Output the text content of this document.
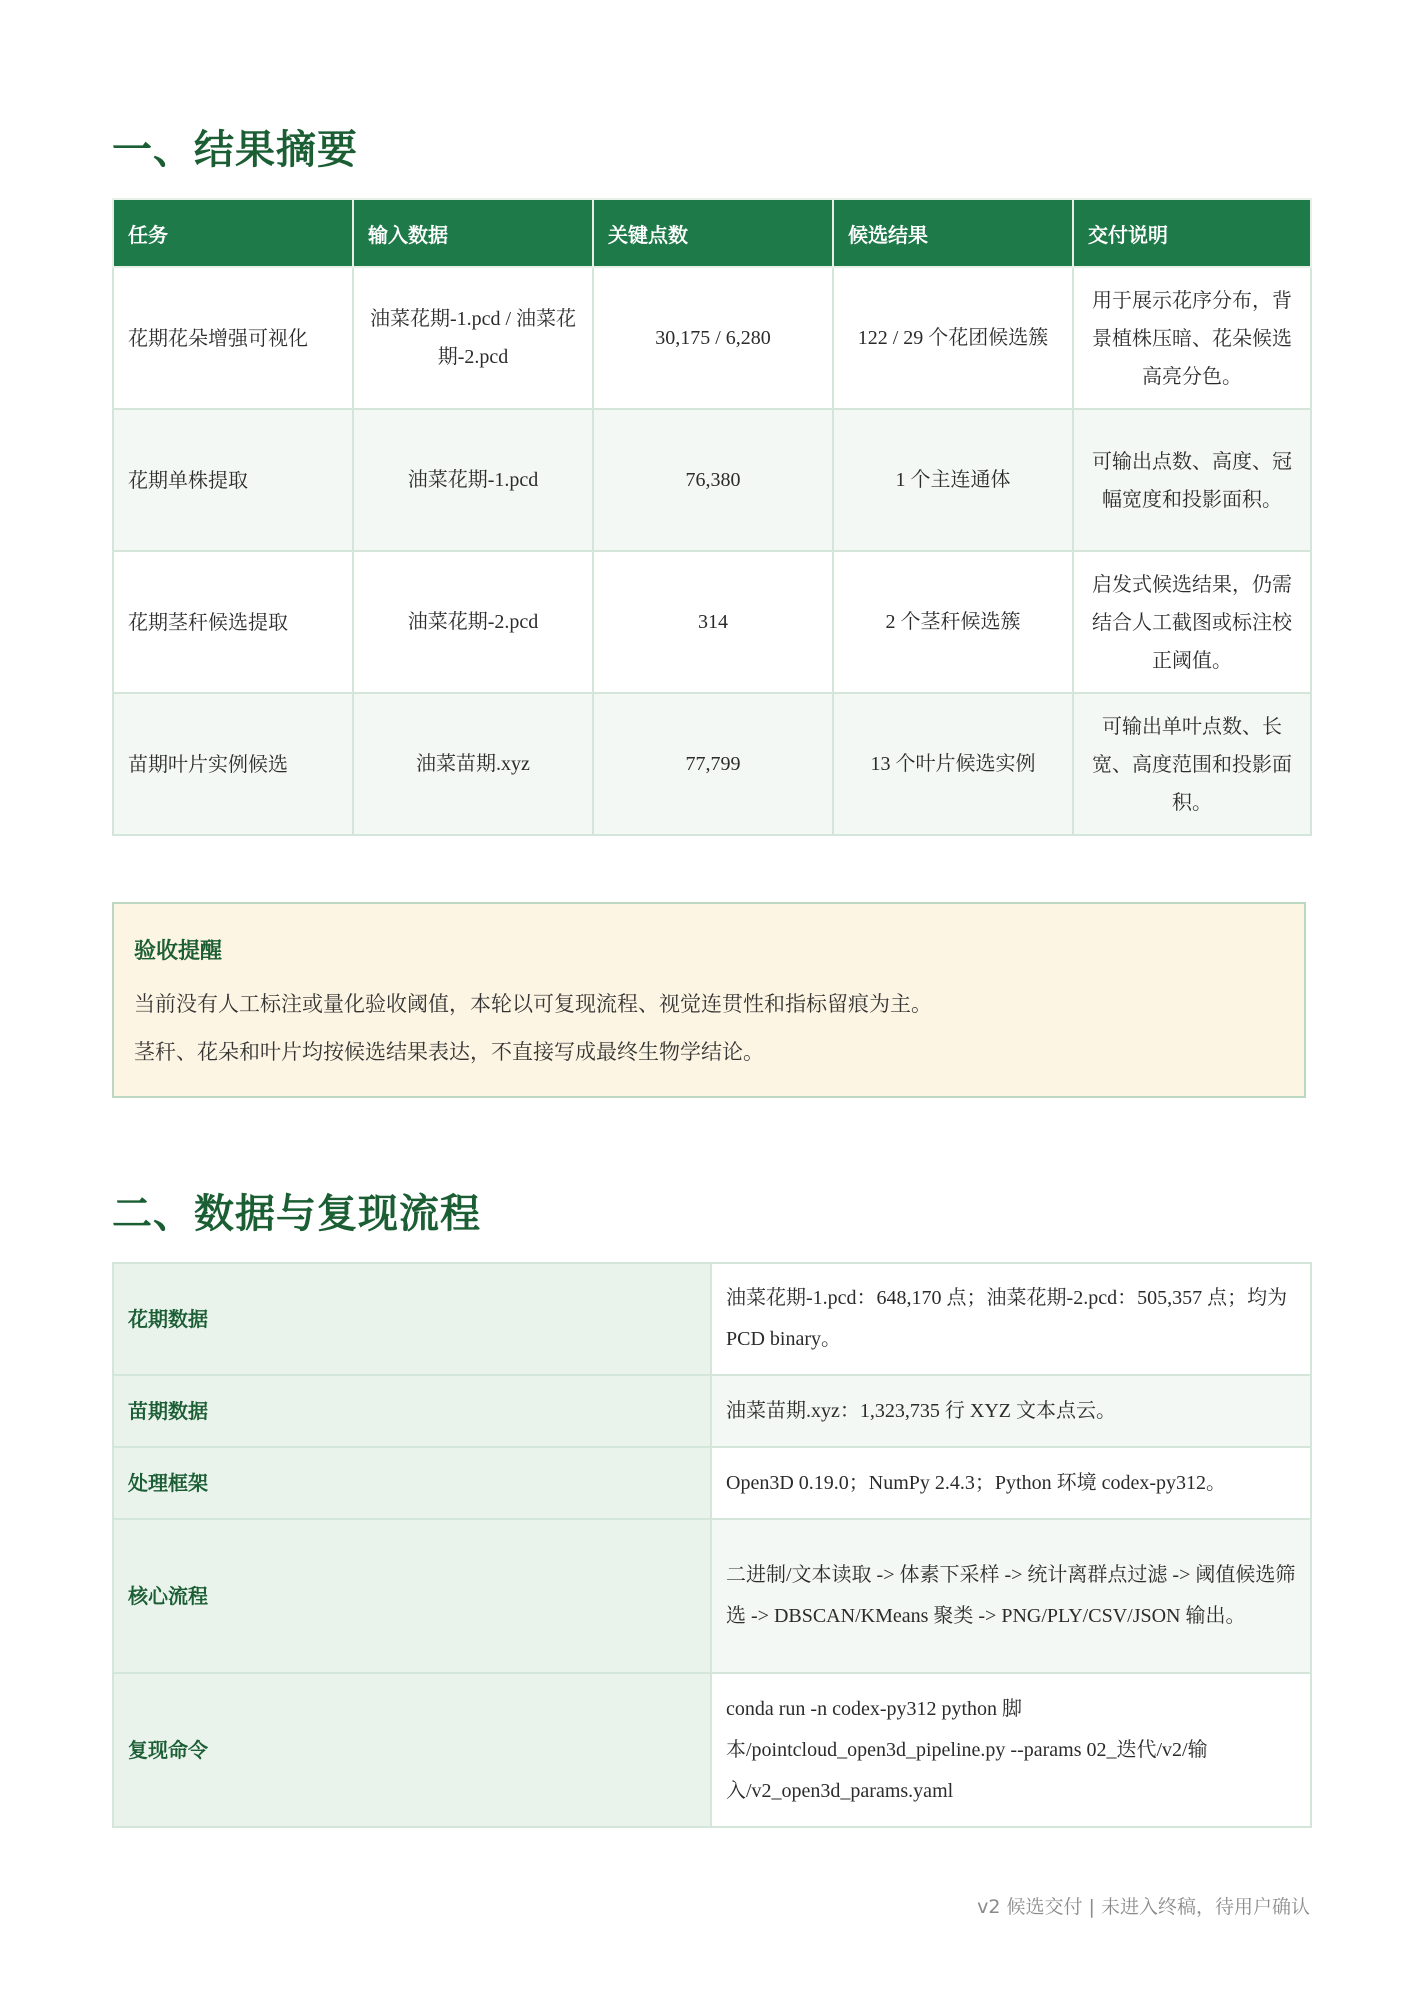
一、结果摘要
任务	输入数据	关键点数	候选结果	交付说明
花期花朵增强可视化	油菜花期-1.pcd / 油菜花期-2.pcd	30,175 / 6,280	122 / 29 个花团候选簇	用于展示花序分布，背景植株压暗、花朵候选高亮分色。
花期单株提取	油菜花期-1.pcd	76,380	1 个主连通体	可输出点数、高度、冠幅宽度和投影面积。
花期茎秆候选提取	油菜花期-2.pcd	314	2 个茎秆候选簇	启发式候选结果，仍需结合人工截图或标注校正阈值。
苗期叶片实例候选	油菜苗期.xyz	77,799	13 个叶片候选实例	可输出单叶点数、长宽、高度范围和投影面积。
验收提醒
当前没有人工标注或量化验收阈值，本轮以可复现流程、视觉连贯性和指标留痕为主。
茎秆、花朵和叶片均按候选结果表达，不直接写成最终生物学结论。
二、数据与复现流程
花期数据	油菜花期-1.pcd：648,170 点；油菜花期-2.pcd：505,357 点；均为 PCD binary。
苗期数据	油菜苗期.xyz：1,323,735 行 XYZ 文本点云。
处理框架	Open3D 0.19.0；NumPy 2.4.3；Python 环境 codex-py312。
核心流程	二进制/文本读取 -> 体素下采样 -> 统计离群点过滤 -> 阈值候选筛选 -> DBSCAN/KMeans 聚类 -> PNG/PLY/CSV/JSON 输出。
复现命令	conda run -n codex-py312 python 脚本/pointcloud_open3d_pipeline.py --params 02_迭代/v2/输入/v2_open3d_params.yaml
v2 候选交付 | 未进入终稿，待用户确认
